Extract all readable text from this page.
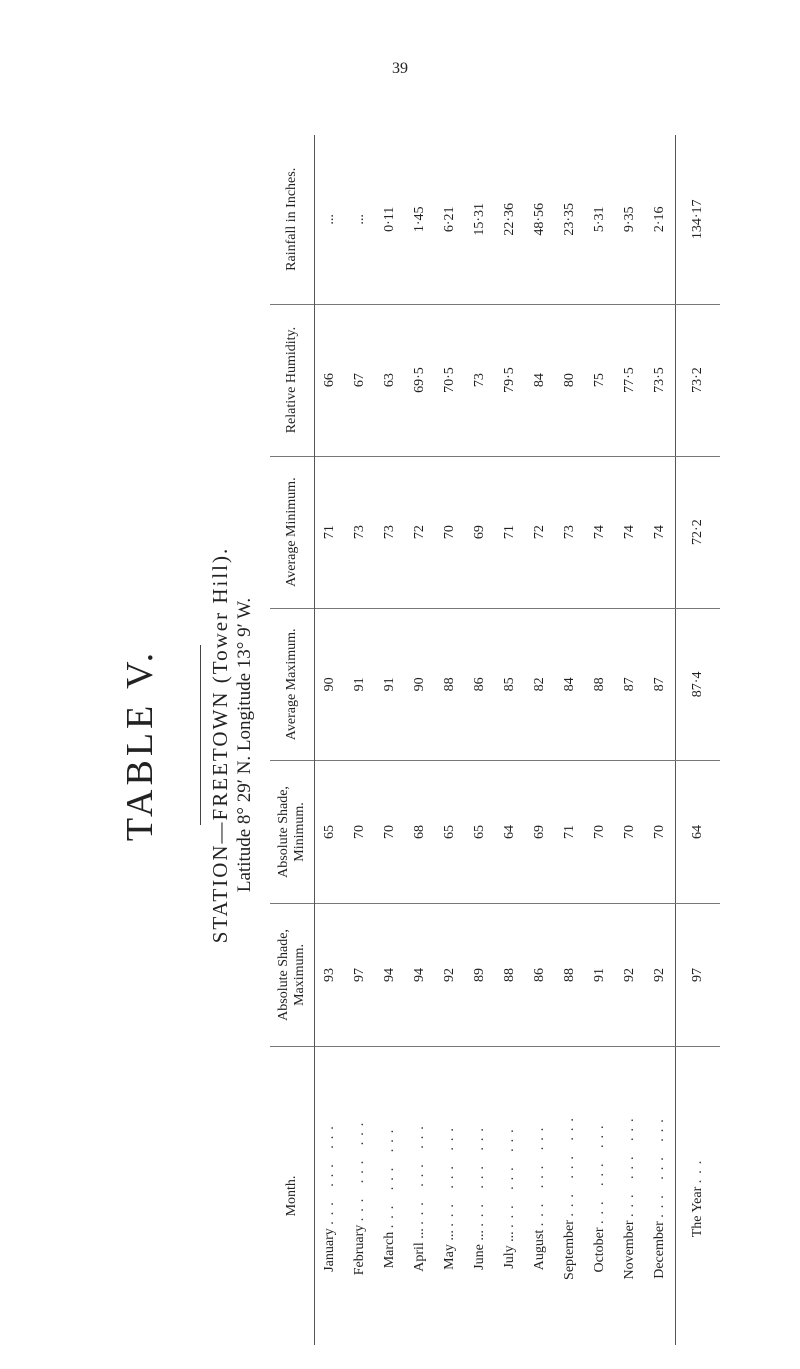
39
TABLE V. STATION—FREETOWN (Tower Hill). Latitude 8° 29′ N. Longitude 13° 9′ W.
Month.	Absolute Shade, Maximum.	Absolute Shade, Minimum.	Average Maximum.	Average Minimum.	Relative Humidity.	Rainfall in Inches.
January ... ... ...	93	65	90	71	66	...
February ... ... ...	97	70	91	73	67	...
March ... ... ...	94	70	91	73	63	0·11
April ... ... ... ...	94	68	90	72	69·5	1·45
May ... ... ... ...	92	65	88	70	70·5	6·21
June ... ... ... ...	89	65	86	69	73	15·31
July ... ... ... ...	88	64	85	71	79·5	22·36
August ... ... ...	86	69	82	72	84	48·56
September ... ... ...	88	71	84	73	80	23·35
October ... ... ...	91	70	88	74	75	5·31
November ... ... ...	92	70	87	74	77·5	9·35
December ... ... ...	92	70	87	74	73·5	2·16
The Year ...	97	64	87·4	72·2	73·2	134·17
